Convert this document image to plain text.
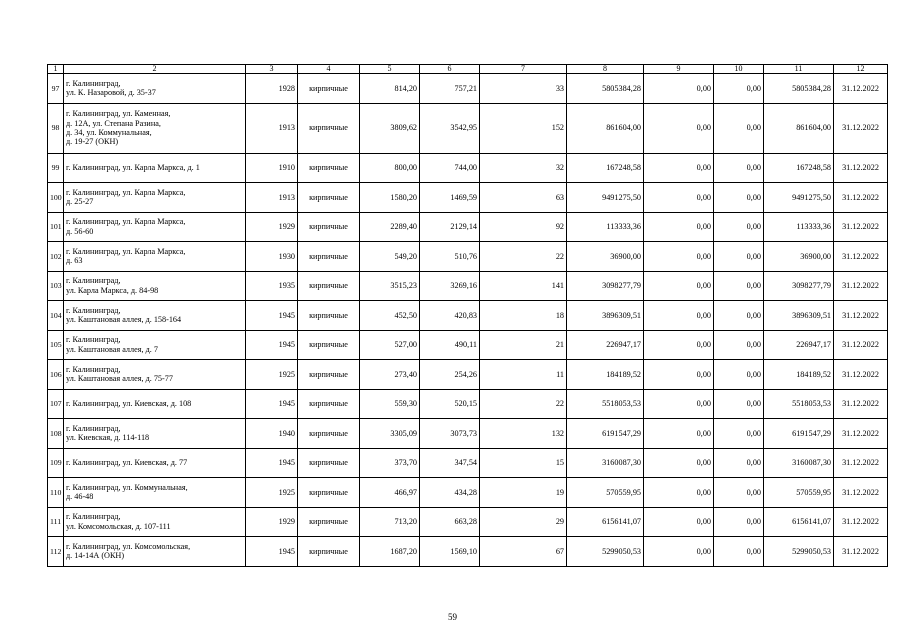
1	2	3	4	5	6	7	8	9	10	11	12
97	г. Калининград,
ул. К. Назаровой, д. 35-37	1928	кирпичные	814,20	757,21	33	5805384,28	0,00	0,00	5805384,28	31.12.2022
98	г. Калининград, ул. Каменная,
д. 12А, ул. Степана Разина,
д. 34, ул. Коммунальная,
д. 19-27 (ОКН)	1913	кирпичные	3809,62	3542,95	152	861604,00	0,00	0,00	861604,00	31.12.2022
99	г. Калининград, ул. Карла Маркса, д. 1	1910	кирпичные	800,00	744,00	32	167248,58	0,00	0,00	167248,58	31.12.2022
100	г. Калининград, ул. Карла Маркса,
д. 25-27	1913	кирпичные	1580,20	1469,59	63	9491275,50	0,00	0,00	9491275,50	31.12.2022
101	г. Калининград, ул. Карла Маркса,
д. 56-60	1929	кирпичные	2289,40	2129,14	92	113333,36	0,00	0,00	113333,36	31.12.2022
102	г. Калининград, ул. Карла Маркса,
д. 63	1930	кирпичные	549,20	510,76	22	36900,00	0,00	0,00	36900,00	31.12.2022
103	г. Калининград,
ул. Карла Маркса, д. 84-98	1935	кирпичные	3515,23	3269,16	141	3098277,79	0,00	0,00	3098277,79	31.12.2022
104	г. Калининград,
ул. Каштановая аллея, д. 158-164	1945	кирпичные	452,50	420,83	18	3896309,51	0,00	0,00	3896309,51	31.12.2022
105	г. Калининград,
ул. Каштановая аллея, д. 7	1945	кирпичные	527,00	490,11	21	226947,17	0,00	0,00	226947,17	31.12.2022
106	г. Калининград,
ул. Каштановая аллея, д. 75-77	1925	кирпичные	273,40	254,26	11	184189,52	0,00	0,00	184189,52	31.12.2022
107	г. Калининград, ул. Киевская, д. 108	1945	кирпичные	559,30	520,15	22	5518053,53	0,00	0,00	5518053,53	31.12.2022
108	г. Калининград,
ул. Киевская, д. 114-118	1940	кирпичные	3305,09	3073,73	132	6191547,29	0,00	0,00	6191547,29	31.12.2022
109	г. Калининград, ул. Киевская, д. 77	1945	кирпичные	373,70	347,54	15	3160087,30	0,00	0,00	3160087,30	31.12.2022
110	г. Калининград, ул. Коммунальная,
д. 46-48	1925	кирпичные	466,97	434,28	19	570559,95	0,00	0,00	570559,95	31.12.2022
111	г. Калининград,
ул. Комсомольская, д. 107-111	1929	кирпичные	713,20	663,28	29	6156141,07	0,00	0,00	6156141,07	31.12.2022
112	г. Калининград, ул. Комсомольская,
д. 14-14А (ОКН)	1945	кирпичные	1687,20	1569,10	67	5299050,53	0,00	0,00	5299050,53	31.12.2022
59
